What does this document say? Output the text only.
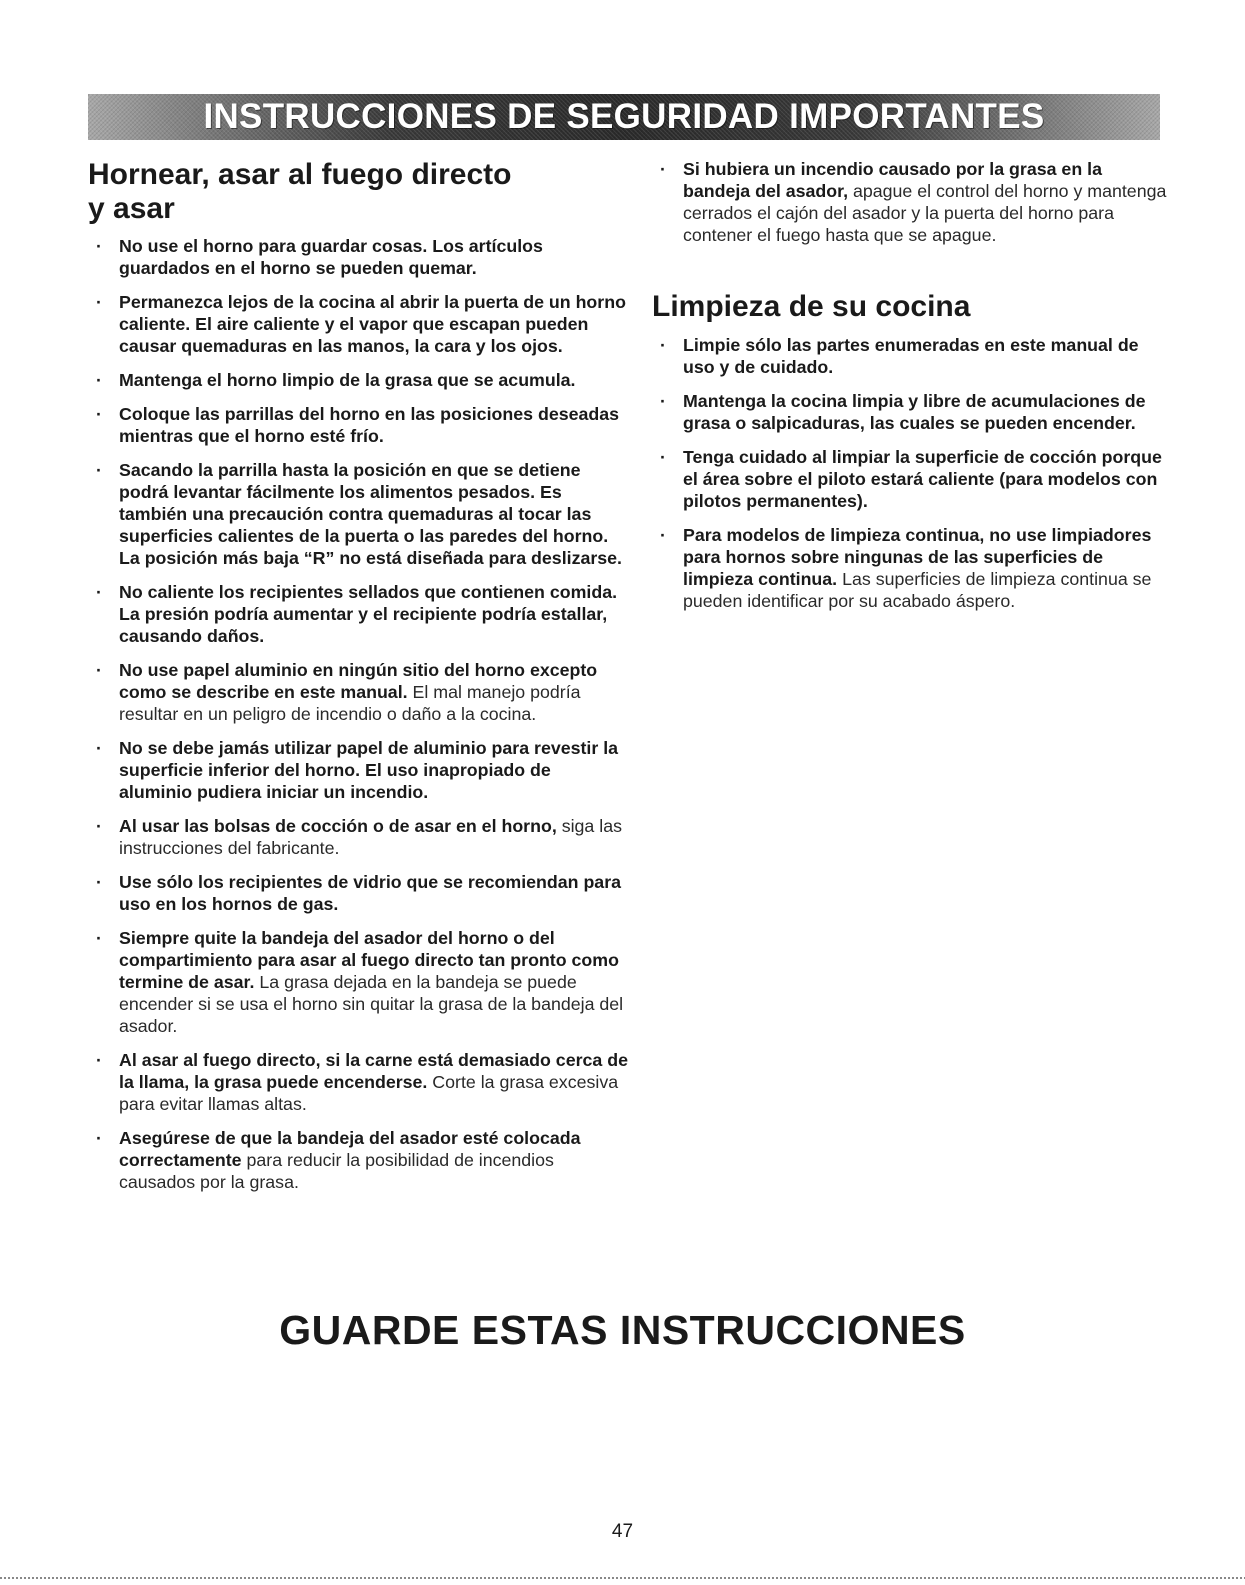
INSTRUCCIONES DE SEGURIDAD IMPORTANTES
Hornear, asar al fuego directo
y asar
· No use el horno para guardar cosas. Los artículos guardados en el horno se pueden quemar.
· Permanezca lejos de la cocina al abrir la puerta de un horno caliente. El aire caliente y el vapor que escapan pueden causar quemaduras en las manos, la cara y los ojos.
· Mantenga el horno limpio de la grasa que se acumula.
· Coloque las parrillas del horno en las posiciones deseadas mientras que el horno esté frío.
· Sacando la parrilla hasta la posición en que se detiene podrá levantar fácilmente los alimentos pesados. Es también una precaución contra quemaduras al tocar las superficies calientes de la puerta o las paredes del horno. La posición más baja “R” no está diseñada para deslizarse.
· No caliente los recipientes sellados que contienen comida. La presión podría aumentar y el recipiente podría estallar, causando daños.
· No use papel aluminio en ningún sitio del horno excepto como se describe en este manual. El mal manejo podría resultar en un peligro de incendio o daño a la cocina.
· No se debe jamás utilizar papel de aluminio para revestir la superficie inferior del horno. El uso inapropiado de aluminio pudiera iniciar un incendio.
· Al usar las bolsas de cocción o de asar en el horno, siga las instrucciones del fabricante.
· Use sólo los recipientes de vidrio que se recomiendan para uso en los hornos de gas.
· Siempre quite la bandeja del asador del horno o del compartimiento para asar al fuego directo tan pronto como termine de asar. La grasa dejada en la bandeja se puede encender si se usa el horno sin quitar la grasa de la bandeja del asador.
· Al asar al fuego directo, si la carne está demasiado cerca de la llama, la grasa puede encenderse. Corte la grasa excesiva para evitar llamas altas.
· Asegúrese de que la bandeja del asador esté colocada correctamente para reducir la posibilidad de incendios causados por la grasa.
· Si hubiera un incendio causado por la grasa en la bandeja del asador, apague el control del horno y mantenga cerrados el cajón del asador y la puerta del horno para contener el fuego hasta que se apague.
Limpieza de su cocina
· Limpie sólo las partes enumeradas en este manual de uso y de cuidado.
· Mantenga la cocina limpia y libre de acumulaciones de grasa o salpicaduras, las cuales se pueden encender.
· Tenga cuidado al limpiar la superficie de cocción porque el área sobre el piloto estará caliente (para modelos con pilotos permanentes).
· Para modelos de limpieza continua, no use limpiadores para hornos sobre ningunas de las superficies de limpieza continua. Las superficies de limpieza continua se pueden identificar por su acabado áspero.
GUARDE ESTAS INSTRUCCIONES
47
